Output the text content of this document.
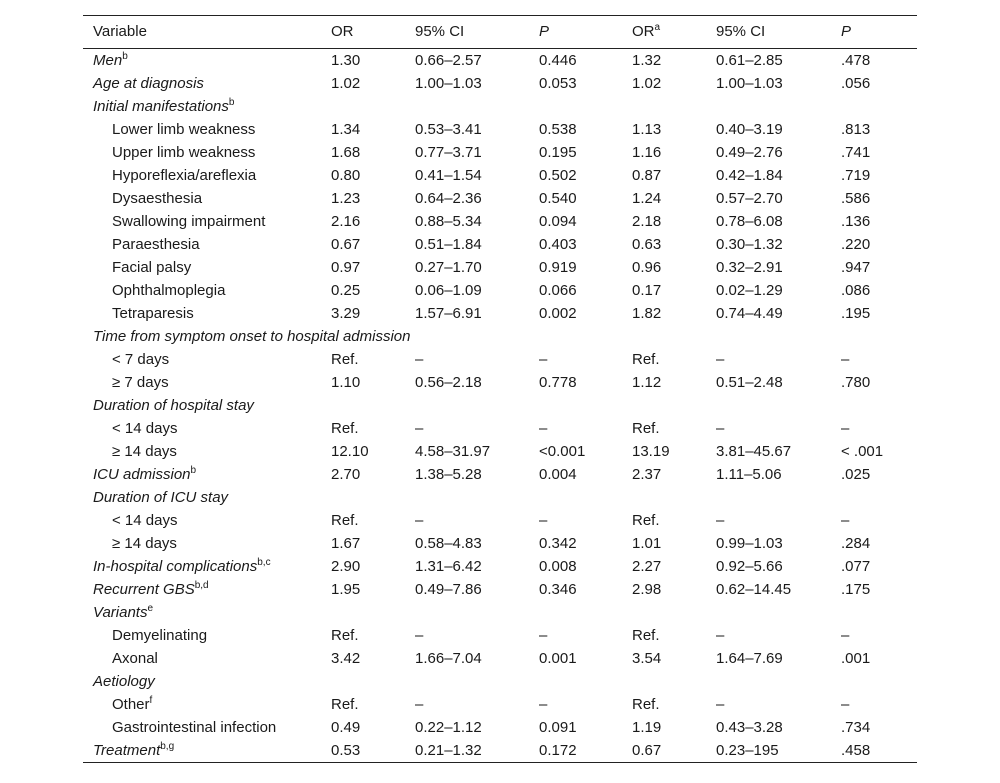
Variable	OR	95% CI	P	$OR^a$	95% CI	P
Men$^b$	1.30	0.66–2.57	0.446	1.32	0.61–2.85	.478
Age at diagnosis	1.02	1.00–1.03	0.053	1.02	1.00–1.03	.056
Initial manifestations$^b$
Lower limb weakness	1.34	0.53–3.41	0.538	1.13	0.40–3.19	.813
Upper limb weakness	1.68	0.77–3.71	0.195	1.16	0.49–2.76	.741
Hyporeflexia/areflexia	0.80	0.41–1.54	0.502	0.87	0.42–1.84	.719
Dysaesthesia	1.23	0.64–2.36	0.540	1.24	0.57–2.70	.586
Swallowing impairment	2.16	0.88–5.34	0.094	2.18	0.78–6.08	.136
Paraesthesia	0.67	0.51–1.84	0.403	0.63	0.30–1.32	.220
Facial palsy	0.97	0.27–1.70	0.919	0.96	0.32–2.91	.947
Ophthalmoplegia	0.25	0.06–1.09	0.066	0.17	0.02–1.29	.086
Tetraparesis	3.29	1.57–6.91	0.002	1.82	0.74–4.49	.195
Time from symptom onset to hospital admission
< 7 days	Ref.	–	–	Ref.	–	–
≥ 7 days	1.10	0.56–2.18	0.778	1.12	0.51–2.48	.780
Duration of hospital stay
< 14 days	Ref.	–	–	Ref.	–	–
≥ 14 days	12.10	4.58–31.97	<0.001	13.19	3.81–45.67	< .001
ICU admission$^b$	2.70	1.38–5.28	0.004	2.37	1.11–5.06	.025
Duration of ICU stay
< 14 days	Ref.	–	–	Ref.	–	–
≥ 14 days	1.67	0.58–4.83	0.342	1.01	0.99–1.03	.284
In-hospital complications$^{b,c}$	2.90	1.31–6.42	0.008	2.27	0.92–5.66	.077
Recurrent GBS$^{b,d}$	1.95	0.49–7.86	0.346	2.98	0.62–14.45	.175
Variants$^e$
Demyelinating	Ref.	–	–	Ref.	–	–
Axonal	3.42	1.66–7.04	0.001	3.54	1.64–7.69	.001
Aetiology
Other$^f$	Ref.	–	–	Ref.	–	–
Gastrointestinal infection	0.49	0.22–1.12	0.091	1.19	0.43–3.28	.734
Treatment$^{b,g}$	0.53	0.21–1.32	0.172	0.67	0.23–195	.458
